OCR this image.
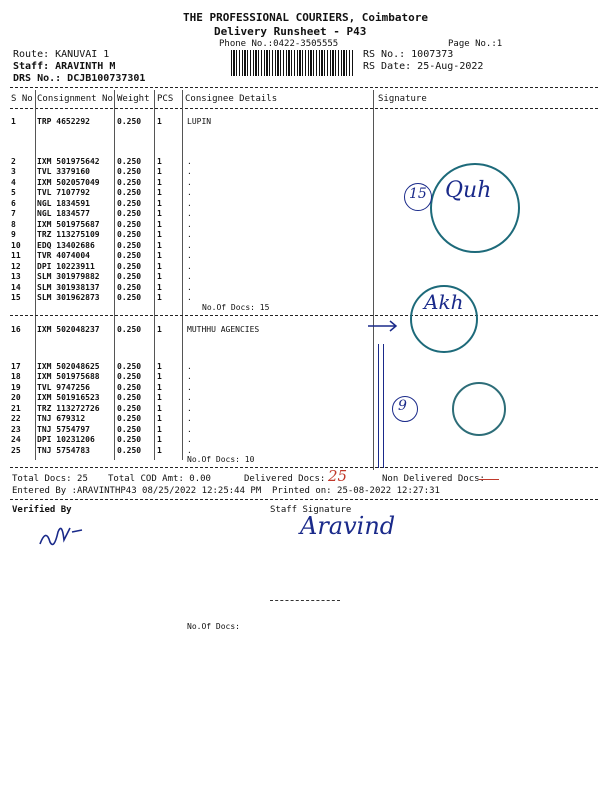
THE PROFESSIONAL COURIERS, Coimbatore
Delivery Runsheet - P43
Phone No.:0422-3505555	Page No.:1
Route: KANUVAI 1
Staff: ARAVINTH M
DRS No.: DCJB100737301
RS No.: 1007373
RS Date: 25-Aug-2022
S No Consignment No Weight PCS Consignee Details	Signature
1	TRP 4652292	0.250 1	LUPIN
2	IXM 501975642 0.250 1	.
3	TVL 3379160	0.250 1	.
4	IXM 502057049 0.250 1	.
5	TVL 7107792	0.250 1	.
6	NGL 1834591	0.250 1	.
7	NGL 1834577	0.250 1	.
8	IXM 501975687 0.250 1	.
9	TRZ 113275109 0.250 1	.
10 EDQ 13402686	0.250 1	.
11 TVR 4074004	0.250 1	.
12 DPI 10223911	0.250 1	.
13 SLM 301979882 0.250 1	.
14 SLM 301938137 0.250 1	.
15 SLM 301962873 0.250 1	.
16 IXM 502048237 0.250 1	MUTHHU AGENCIES
17 IXM 502048625 0.250 1	.
18 IXM 501975688 0.250 1	.
19 TVL 9747256	0.250 1	.
20 IXM 501916523 0.250 1	.
21 TRZ 113272726 0.250 1	.
22 TNJ 679312	0.250 1	.
23 TNJ 5754797	0.250 1	.
24 DPI 10231206	0.250 1	.
25 TNJ 5754783	0.250 1	.
No.Of Docs: 15
No.Of Docs: 10
Total Docs: 25 Total COD Amt: 0.00	Delivered Docs: 25	Non Delivered Docs:
Entered By :ARAVINTHP43 08/25/2022 12:25:44 PM Printed on: 25-08-2022 12:27:31
Verified By	Staff Signature
No.Of Docs:
Aravind
Quh
Akh
15
9
